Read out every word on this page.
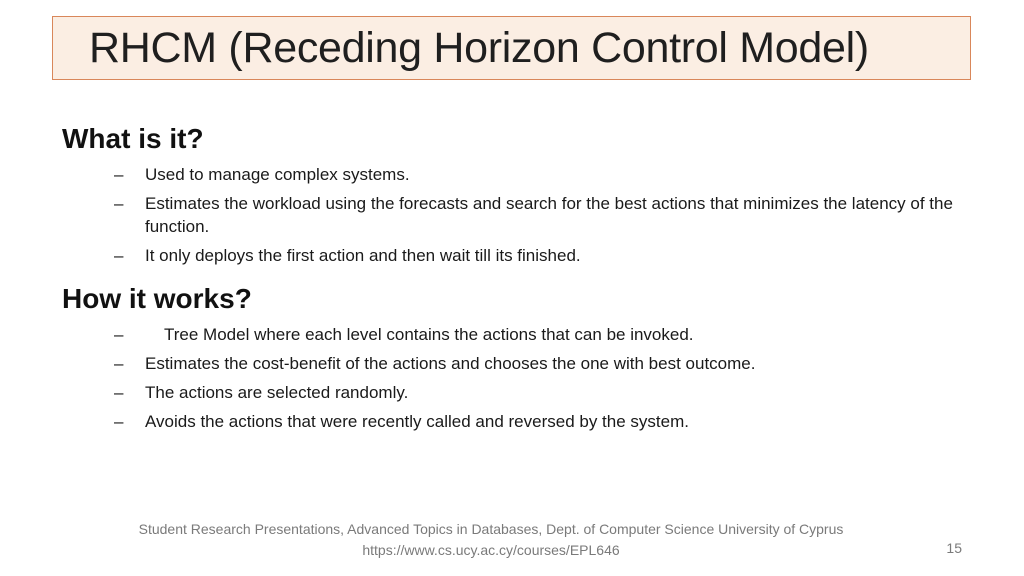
RHCM (Receding Horizon Control Model)
What is it?
– Used to manage complex systems.
– Estimates the workload using the forecasts and search for the best actions that minimizes the latency of the function.
– It only deploys the first action and then wait till its finished.
How it works?
– Tree Model where each level contains the actions that can be invoked.
– Estimates the cost-benefit of the actions and chooses the one with best outcome.
– The actions are selected randomly.
– Avoids the actions that were recently called and reversed by the system.
Student Research Presentations, Advanced Topics in Databases, Dept. of Computer Science University of Cyprus
https://www.cs.ucy.ac.cy/courses/EPL646	15
